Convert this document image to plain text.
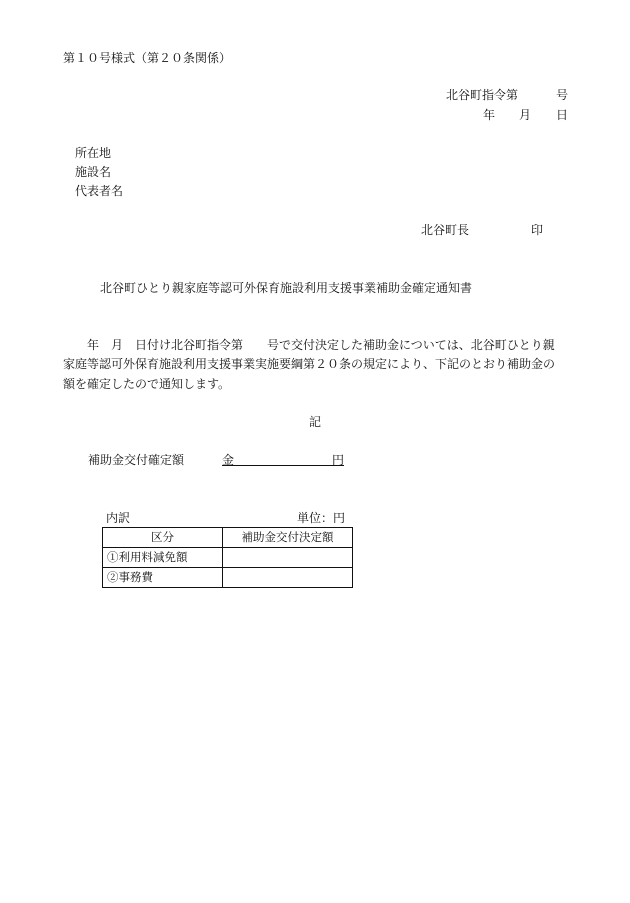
第１０号様式（第２０条関係）
北谷町指令第	号
年 月 日
所在地
施設名
代表者名
北谷町長	印
北谷町ひとり親家庭等認可外保育施設利用支援事業補助金確定通知書
年　月　日付け北谷町指令第 号で交付決定した補助金については、北谷町ひとり親
家庭等認可外保育施設利用支援事業実施要綱第２０条の規定により、下記のとおり補助金の
額を確定したので通知します。
記
補助金交付確定額	金	円
内訳	単位：円
区分	補助金交付決定額
①利用料減免額	
②事務費	
